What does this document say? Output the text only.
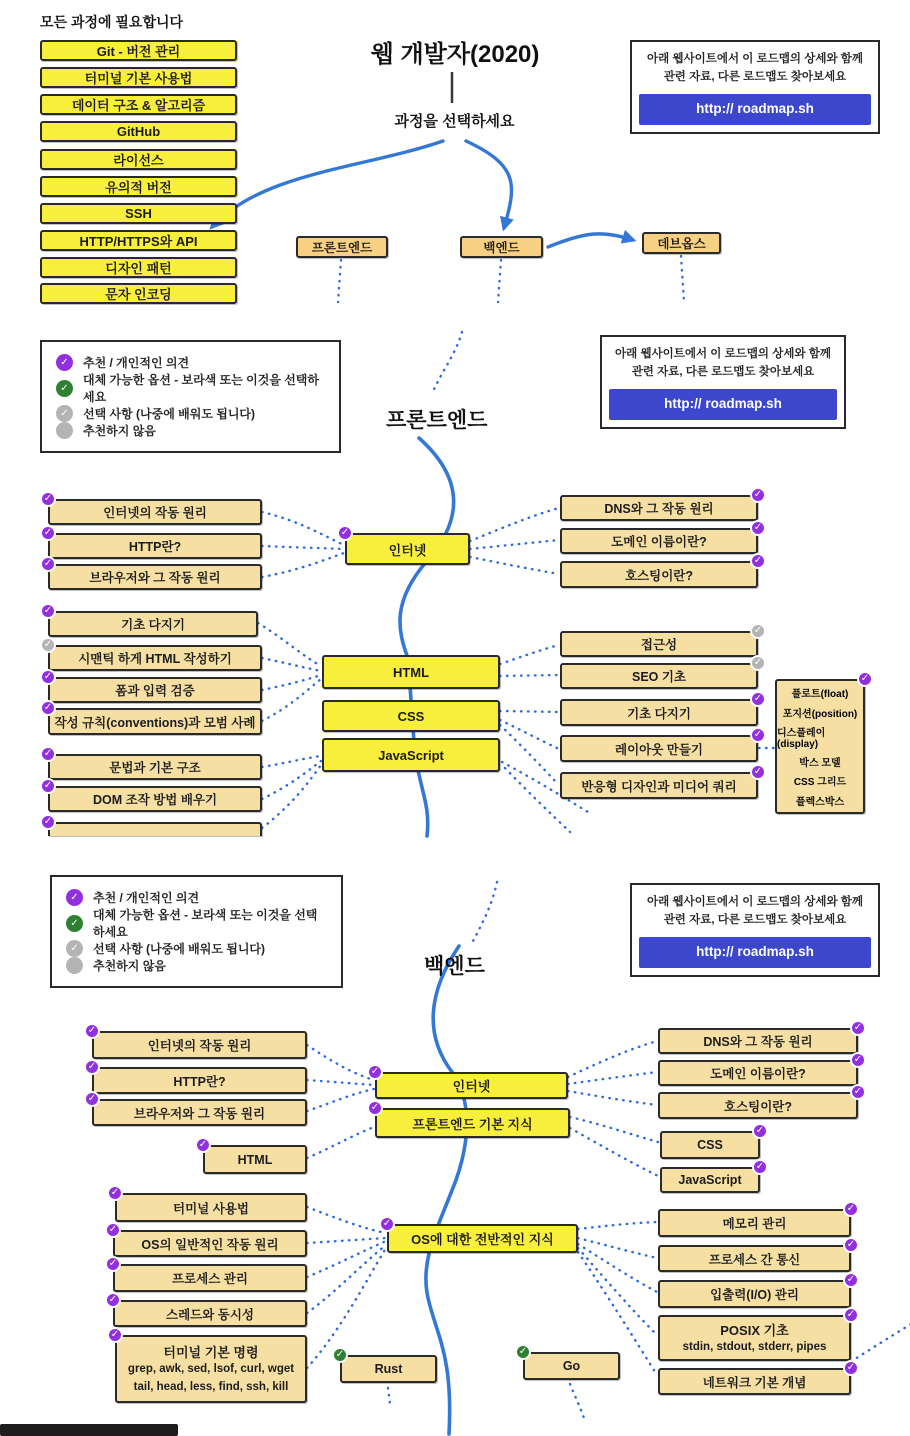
모든 과정에 필요합니다
Git - 버전 관리
터미널 기본 사용법
데이터 구조 & 알고리즘
GitHub
라이선스
유의적 버전
SSH
HTTP/HTTPS와 API
디자인 패턴
문자 인코딩
웹 개발자(2020)
과정을 선택하세요
프론트엔드	백엔드	데브옵스
아래 웹사이트에서 이 로드맵의 상세와 함께
관련 자료, 다른 로드맵도 찾아보세요
http:// roadmap.sh
✓	추천 / 개인적인 의견
✓
대체 가능한 옵션 - 보라색 또는 이것을 선택하세요
✓	선택 사항 (나중에 배워도 됩니다)
추천하지 않음	프론트엔드
아래 웹사이트에서 이 로드맵의 상세와 함께
관련 자료, 다른 로드맵도 찾아보세요
http:// roadmap.sh
✓
인터넷
HTML
CSS
JavaScript
✓
인터넷의 작동 원리
✓
HTTP란?
✓
브라우저와 그 작동 원리
✓
기초 다지기
✓
시맨틱 하게 HTML 작성하기
✓
폼과 입력 검증
✓
작성 규칙(conventions)과 모범 사례
✓
문법과 기본 구조
✓
DOM 조작 방법 배우기
✓
✓
DNS와 그 작동 원리
✓
도메인 이름이란?
✓
호스팅이란?
✓
접근성
✓
SEO 기초
✓
기초 다지기
✓
레이아웃 만들기
✓
반응형 디자인과 미디어 쿼리
✓
플로트(float)
포지션(position)
디스플레이(display)
박스 모델
CSS 그리드
플렉스박스
✓	추천 / 개인적인 의견
✓
대체 가능한 옵션 - 보라색 또는 이것을 선택하세요
✓	선택 사항 (나중에 배워도 됩니다)
추천하지 않음	백엔드
아래 웹사이트에서 이 로드맵의 상세와 함께
관련 자료, 다른 로드맵도 찾아보세요
http:// roadmap.sh
✓
인터넷
✓
프론트엔드 기본 지식
✓
OS에 대한 전반적인 지식
✓
인터넷의 작동 원리
✓
HTTP란?
✓
브라우저와 그 작동 원리
✓
HTML
✓
터미널 사용법
✓
OS의 일반적인 작동 원리
✓
프로세스 관리
✓
스레드와 동시성
✓
터미널 기본 명령
grep, awk, sed, lsof, curl, wget
tail, head, less, find, ssh, kill
✓
DNS와 그 작동 원리
✓
도메인 이름이란?
✓
호스팅이란?
✓
CSS
✓
JavaScript
✓
메모리 관리
✓
프로세스 간 통신
✓
입출력(I/O) 관리
✓
POSIX 기초
stdin, stdout, stderr, pipes
✓
네트워크 기본 개념
✓
Rust
✓
Go
